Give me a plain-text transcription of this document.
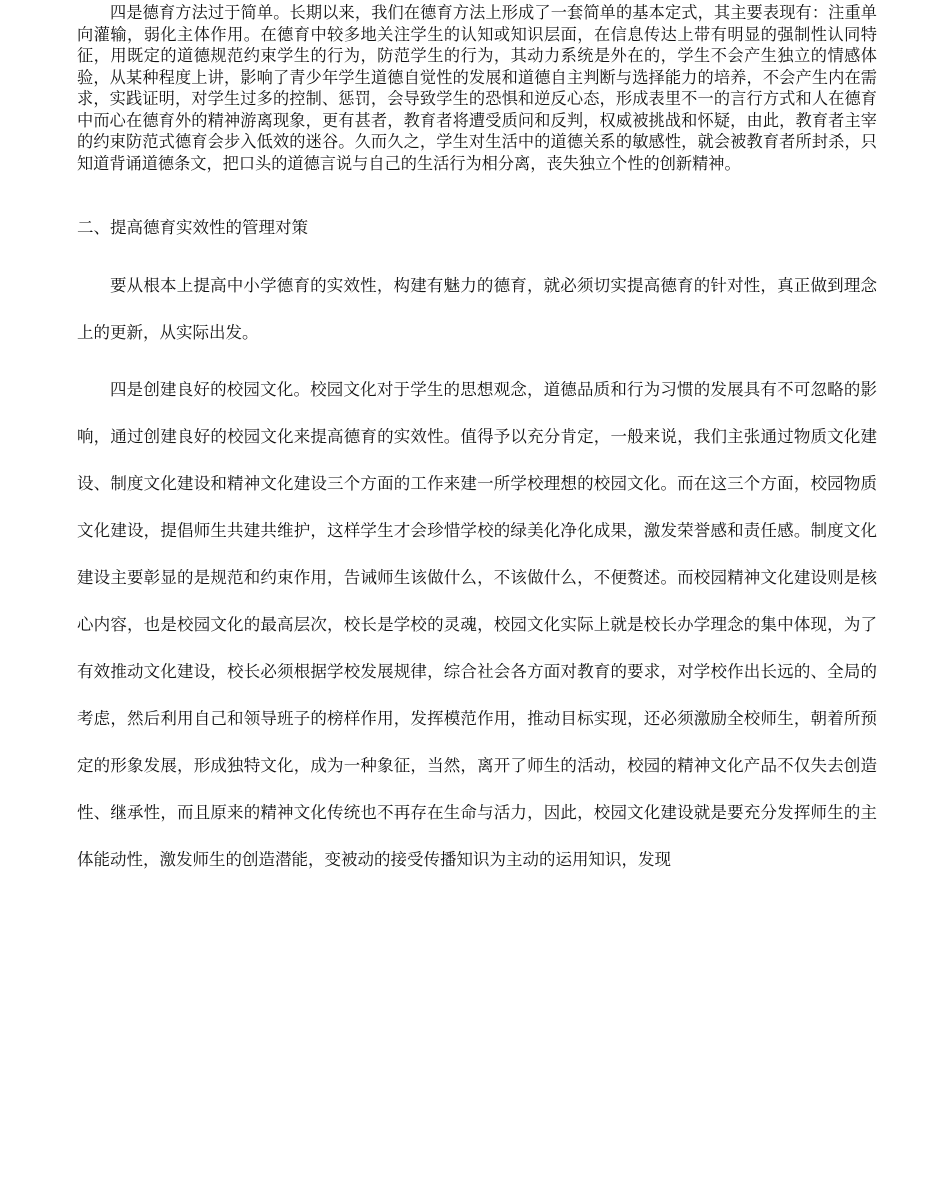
四是德育方法过于简单。长期以来，我们在德育方法上形成了一套简单的基本定式，其主要表现有：注重单向灌输，弱化主体作用。在德育中较多地关注学生的认知或知识层面，在信息传达上带有明显的强制性认同特征，用既定的道德规范约束学生的行为，防范学生的行为，其动力系统是外在的，学生不会产生独立的情感体验，从某种程度上讲，影响了青少年学生道德自觉性的发展和道德自主判断与选择能力的培养，不会产生内在需求，实践证明，对学生过多的控制、惩罚，会导致学生的恐惧和逆反心态，形成表里不一的言行方式和人在德育中而心在德育外的精神游离现象，更有甚者，教育者将遭受质问和反判，权威被挑战和怀疑，由此，教育者主宰的约束防范式德育会步入低效的迷谷。久而久之，学生对生活中的道德关系的敏感性，就会被教育者所封杀，只知道背诵道德条文，把口头的道德言说与自己的生活行为相分离，丧失独立个性的创新精神。

二、提高德育实效性的管理对策

要从根本上提高中小学德育的实效性，构建有魅力的德育，就必须切实提高德育的针对性，真正做到理念上的更新，从实际出发。

四是创建良好的校园文化。校园文化对于学生的思想观念，道德品质和行为习惯的发展具有不可忽略的影响，通过创建良好的校园文化来提高德育的实效性。值得予以充分肯定，一般来说，我们主张通过物质文化建设、制度文化建设和精神文化建设三个方面的工作来建一所学校理想的校园文化。而在这三个方面，校园物质文化建设，提倡师生共建共维护，这样学生才会珍惜学校的绿美化净化成果，激发荣誉感和责任感。制度文化建设主要彰显的是规范和约束作用，告诫师生该做什么，不该做什么，不便赘述。而校园精神文化建设则是核心内容，也是校园文化的最高层次，校长是学校的灵魂，校园文化实际上就是校长办学理念的集中体现，为了有效推动文化建设，校长必须根据学校发展规律，综合社会各方面对教育的要求，对学校作出长远的、全局的考虑，然后利用自己和领导班子的榜样作用，发挥模范作用，推动目标实现，还必须激励全校师生，朝着所预定的形象发展，形成独特文化，成为一种象征，当然，离开了师生的活动，校园的精神文化产品不仅失去创造性、继承性，而且原来的精神文化传统也不再存在生命与活力，因此，校园文化建设就是要充分发挥师生的主体能动性，激发师生的创造潜能，变被动的接受传播知识为主动的运用知识，发现
